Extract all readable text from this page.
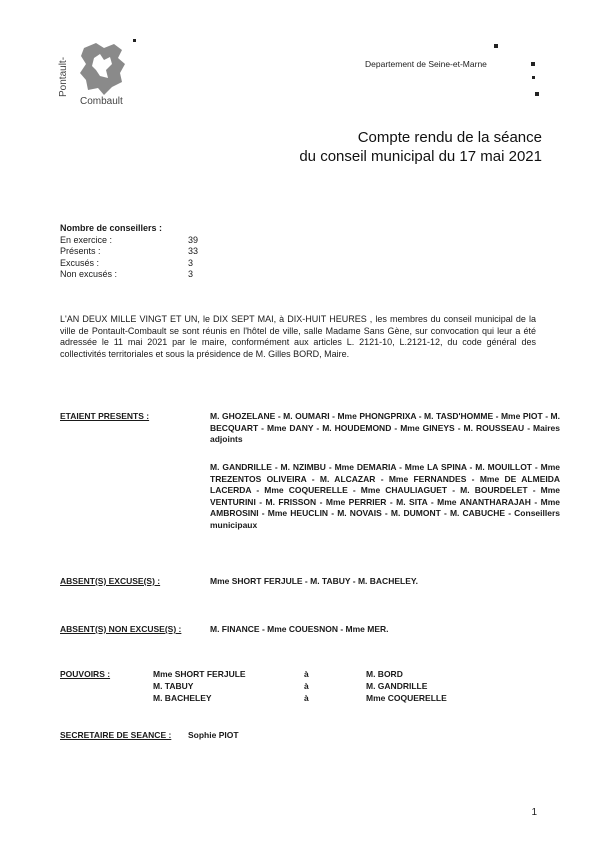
Pontault-
Combault
Departement de Seine-et-Marne
Compte rendu de la séance
du conseil municipal du 17 mai 2021
Nombre de conseillers :
En exercice :	39
Présents :	33
Excusés :	3
Non excusés :	3
L'AN DEUX MILLE VINGT ET UN, le DIX SEPT MAI, à DIX-HUIT HEURES , les membres du conseil municipal de la ville de Pontault-Combault se sont réunis en l'hôtel de ville, salle Madame Sans Gène, sur convocation qui leur a été adressée le 11 mai 2021 par le maire, conformément aux articles L. 2121-10, L.2121-12, du code général des collectivités territoriales et sous la présidence de M. Gilles BORD, Maire.
ETAIENT PRESENTS :	M. GHOZELANE - M. OUMARI - Mme PHONGPRIXA - M. TASD'HOMME - Mme PIOT - M. BECQUART - Mme DANY - M. HOUDEMOND - Mme GINEYS - M. ROUSSEAU - Maires adjoints
M. GANDRILLE - M. NZIMBU - Mme DEMARIA - Mme LA SPINA - M. MOUILLOT - Mme TREZENTOS OLIVEIRA - M. ALCAZAR - Mme FERNANDES - Mme DE ALMEIDA LACERDA - Mme COQUERELLE - Mme CHAULIAGUET - M. BOURDELET - Mme VENTURINI - M. FRISSON - Mme PERRIER - M. SITA - Mme ANANTHARAJAH - Mme AMBROSINI - Mme HEUCLIN - M. NOVAIS - M. DUMONT - M. CABUCHE - Conseillers municipaux
ABSENT(S) EXCUSE(S) :	Mme SHORT FERJULE - M. TABUY - M. BACHELEY.
ABSENT(S) NON EXCUSE(S) :	M. FINANCE - Mme COUESNON - Mme MER.
POUVOIRS :	Mme SHORT FERJULE	à	M. BORD
M. TABUY	à	M. GANDRILLE
M. BACHELEY	à	Mme COQUERELLE
SECRETAIRE DE SEANCE : Sophie PIOT
1
